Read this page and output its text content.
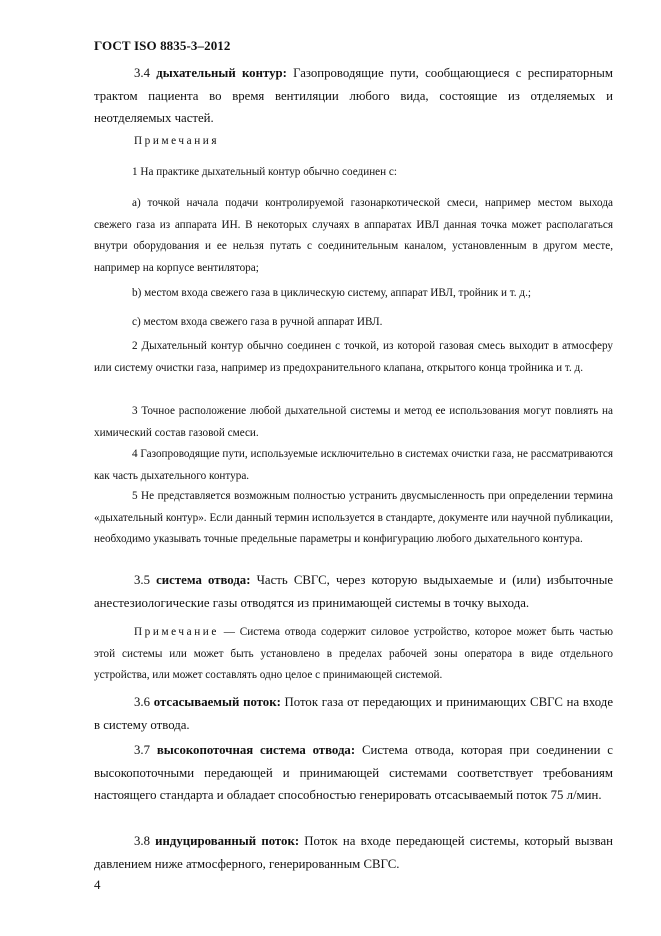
ГОСТ ISO 8835-3–2012
3.4 дыхательный контур: Газопроводящие пути, сообщающиеся с респираторным трактом пациента во время вентиляции любого вида, состоящие из отделяемых и неотделяемых частей.
Примечания
1 На практике дыхательный контур обычно соединен с:
a) точкой начала подачи контролируемой газонаркотической смеси, например местом выхода свежего газа из аппарата ИН. В некоторых случаях в аппаратах ИВЛ данная точка может располагаться внутри оборудования и ее нельзя путать с соединительным каналом, установленным в другом месте, например на корпусе вентилятора;
b) местом входа свежего газа в циклическую систему, аппарат ИВЛ, тройник и т. д.;
c) местом входа свежего газа в ручной аппарат ИВЛ.
2 Дыхательный контур обычно соединен с точкой, из которой газовая смесь выходит в атмосферу или систему очистки газа, например из предохранительного клапана, открытого конца тройника и т. д.
3 Точное расположение любой дыхательной системы и метод ее использования могут повлиять на химический состав газовой смеси.
4 Газопроводящие пути, используемые исключительно в системах очистки газа, не рассматриваются как часть дыхательного контура.
5 Не представляется возможным полностью устранить двусмысленность при определении термина «дыхательный контур». Если данный термин используется в стандарте, документе или научной публикации, необходимо указывать точные предельные параметры и конфигурацию любого дыхательного контура.
3.5 система отвода: Часть СВГС, через которую выдыхаемые и (или) избыточные анестезиологические газы отводятся из принимающей системы в точку выхода.
Примечание — Система отвода содержит силовое устройство, которое может быть частью этой системы или может быть установлено в пределах рабочей зоны оператора в виде отдельного устройства, или может составлять одно целое с принимающей системой.
3.6 отсасываемый поток: Поток газа от передающих и принимающих СВГС на входе в систему отвода.
3.7 высокопоточная система отвода: Система отвода, которая при соединении с высокопоточными передающей и принимающей системами соответствует требованиям настоящего стандарта и обладает способностью генерировать отсасываемый поток 75 л/мин.
3.8 индуцированный поток: Поток на входе передающей системы, который вызван давлением ниже атмосферного, генерированным СВГС.
4
